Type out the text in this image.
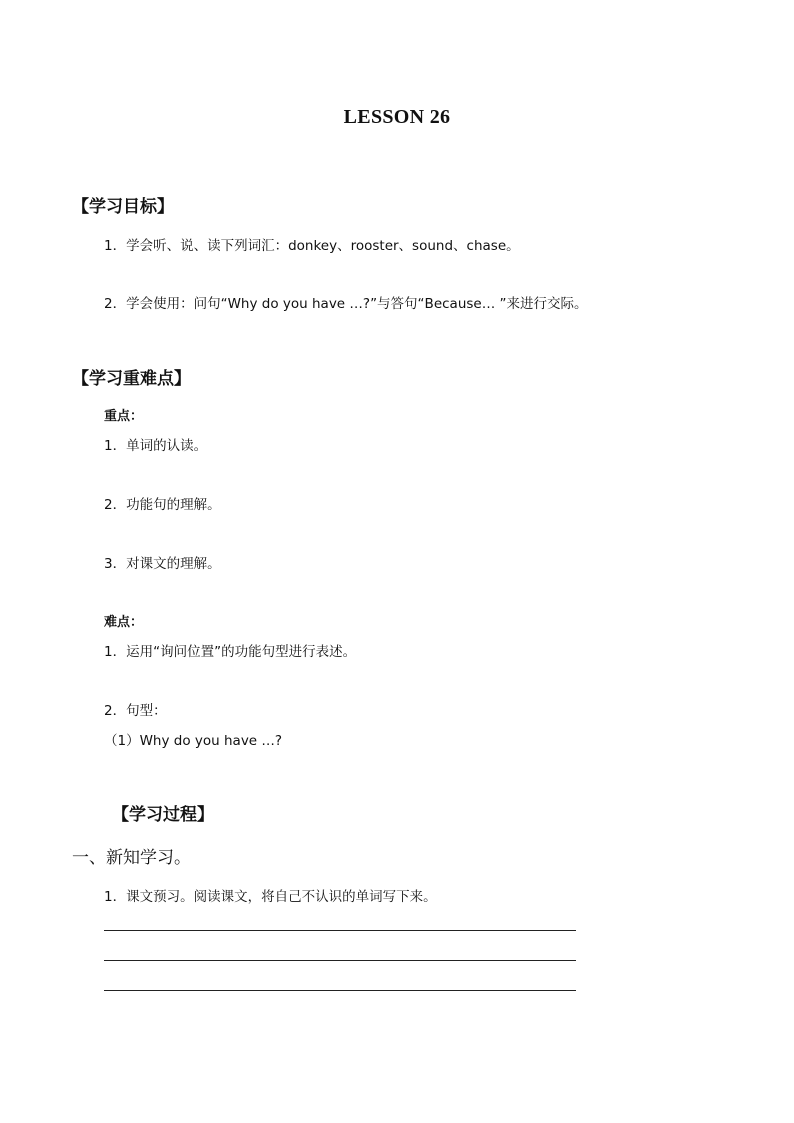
LESSON 26
【学习目标】
1．学会听、说、读下列词汇：donkey、rooster、sound、chase。
2．学会使用：问句“Why do you have …?”与答句“Because… ”来进行交际。
【学习重难点】
重点：
1．单词的认读。
2．功能句的理解。
3．对课文的理解。
难点：
1．运用“询问位置”的功能句型进行表述。
2．句型：
（1）Why do you have …?
【学习过程】
一、新知学习。
1．课文预习。阅读课文，将自己不认识的单词写下来。
